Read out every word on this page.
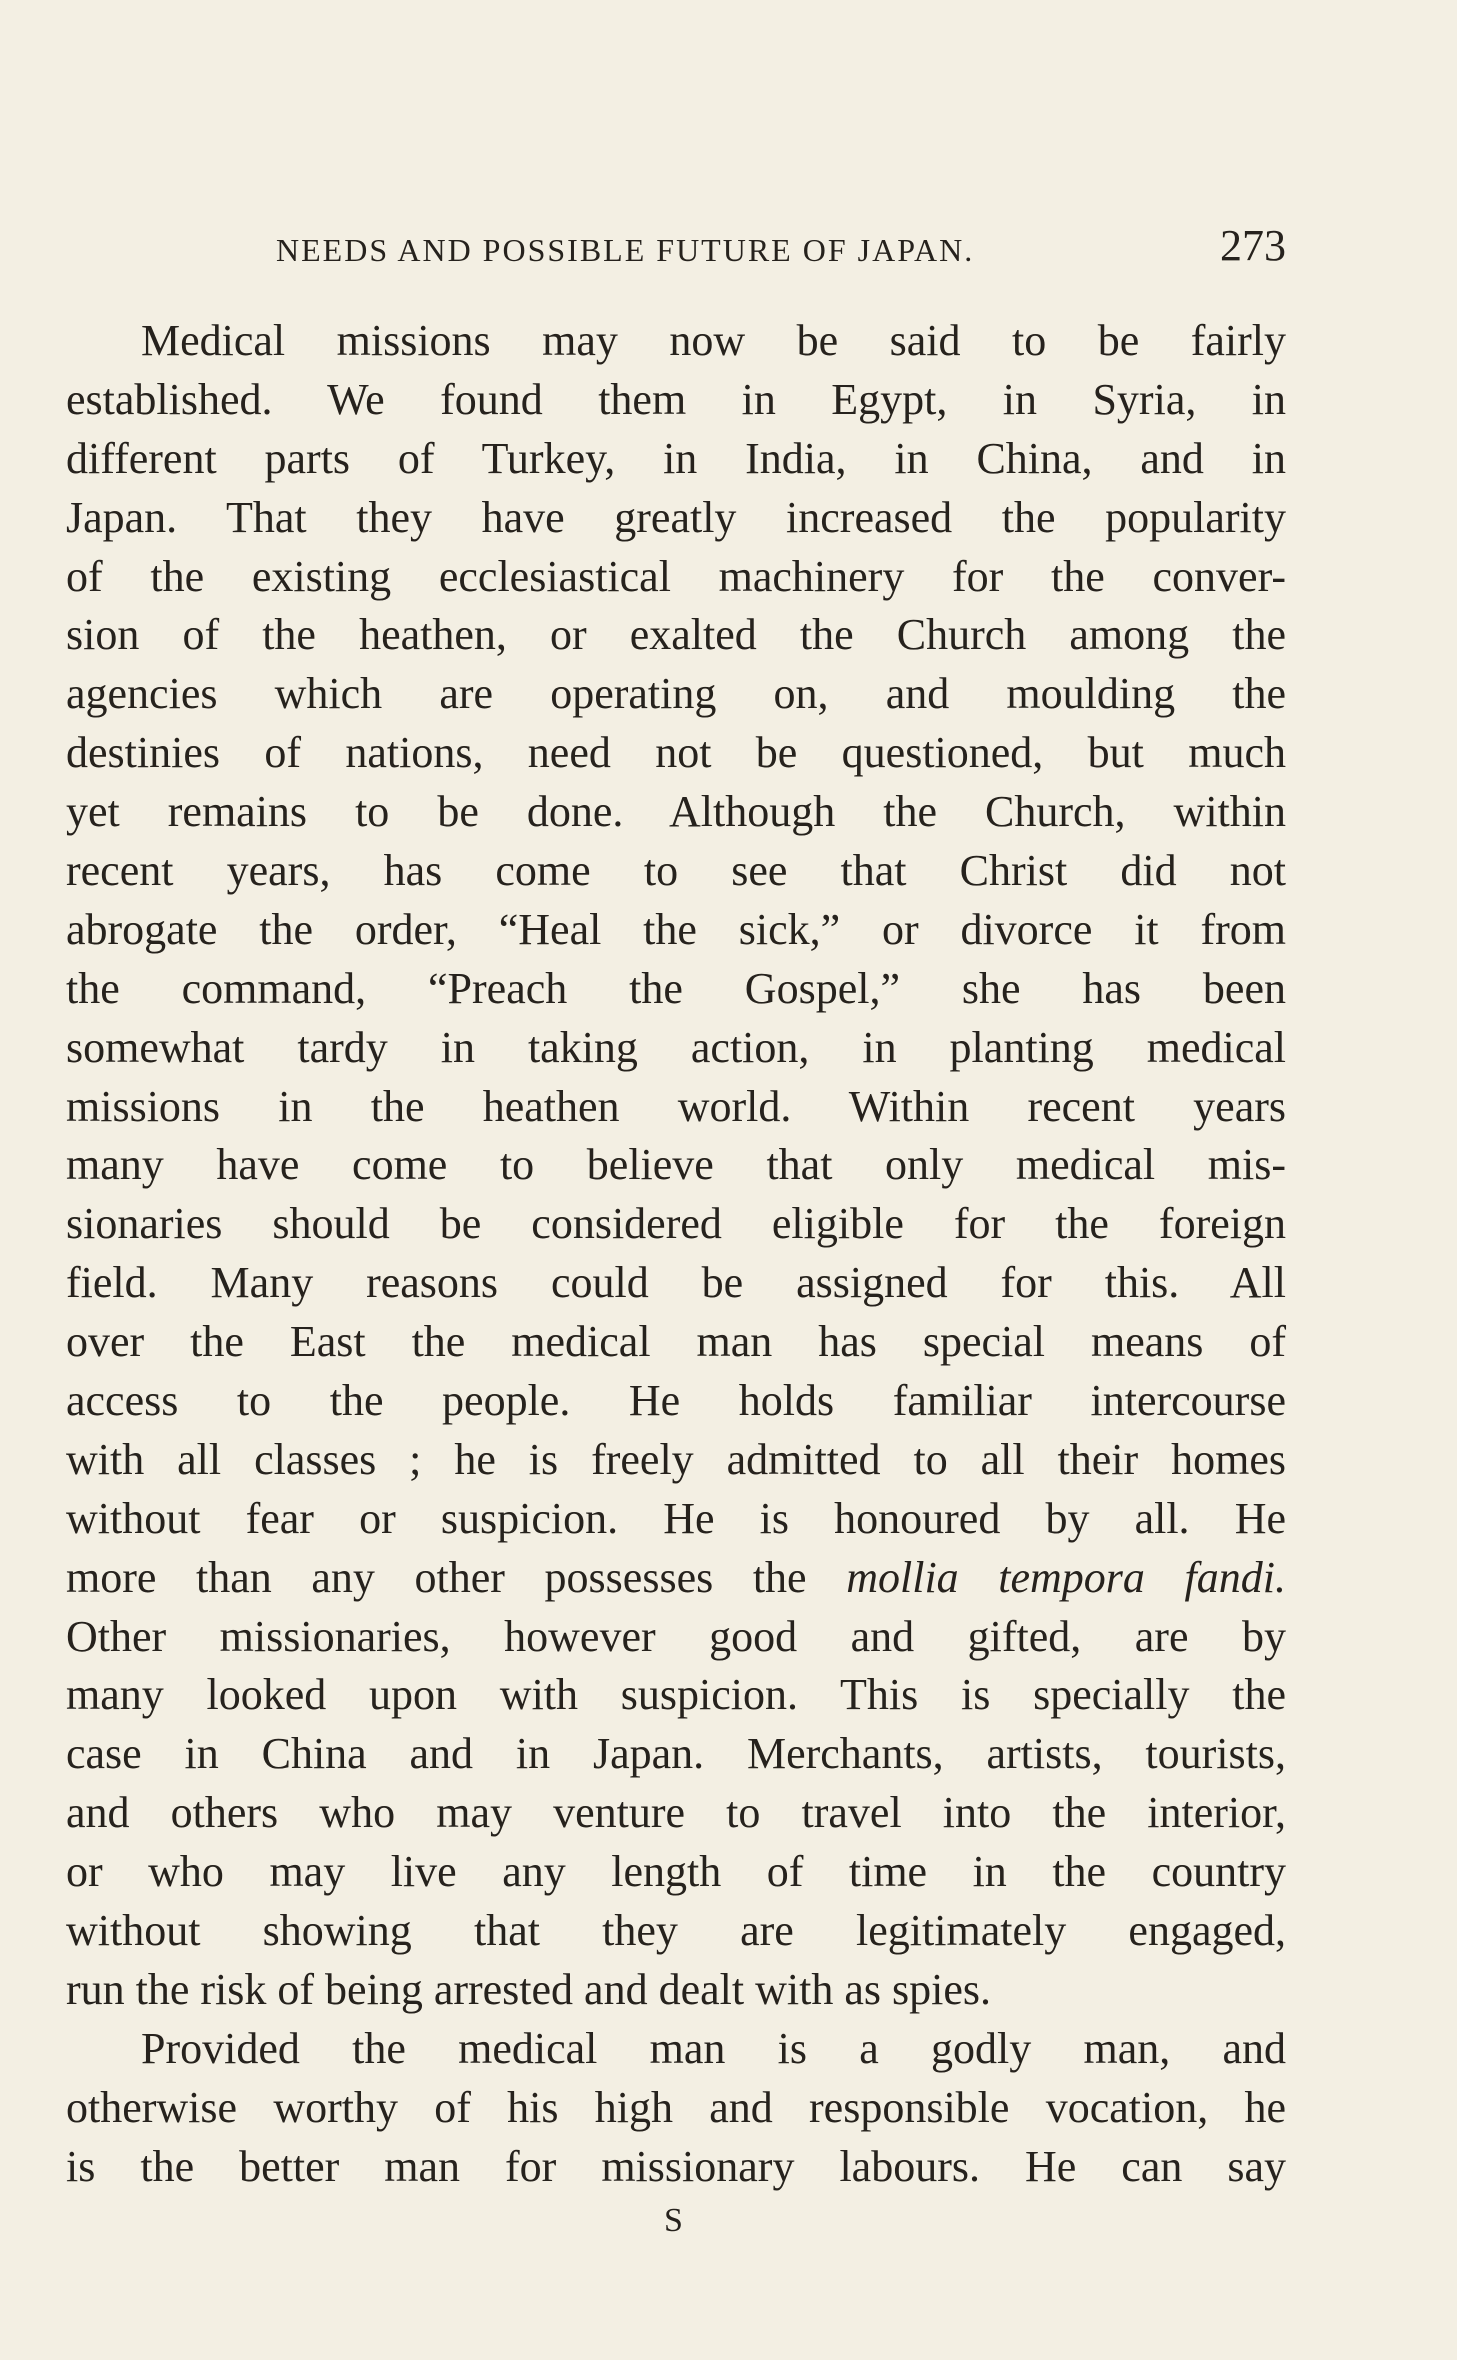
NEEDS AND POSSIBLE FUTURE OF JAPAN.	273
Medical missions may now be said to be fairly
established. We found them in Egypt, in Syria, in
different parts of Turkey, in India, in China, and in
Japan. That they have greatly increased the popularity
of the existing ecclesiastical machinery for the conver-
sion of the heathen, or exalted the Church among the
agencies which are operating on, and moulding the
destinies of nations, need not be questioned, but much
yet remains to be done. Although the Church, within
recent years, has come to see that Christ did not
abrogate the order, “Heal the sick,” or divorce it from
the command, “Preach the Gospel,” she has been
somewhat tardy in taking action, in planting medical
missions in the heathen world. Within recent years
many have come to believe that only medical mis-
sionaries should be considered eligible for the foreign
field. Many reasons could be assigned for this. All
over the East the medical man has special means of
access to the people. He holds familiar intercourse
with all classes ; he is freely admitted to all their homes
without fear or suspicion. He is honoured by all. He
more than any other possesses the mollia tempora fandi.
Other missionaries, however good and gifted, are by
many looked upon with suspicion. This is specially the
case in China and in Japan. Merchants, artists, tourists,
and others who may venture to travel into the interior,
or who may live any length of time in the country
without showing that they are legitimately engaged,
run the risk of being arrested and dealt with as spies.
Provided the medical man is a godly man, and
otherwise worthy of his high and responsible vocation, he
is the better man for missionary labours. He can say
S
